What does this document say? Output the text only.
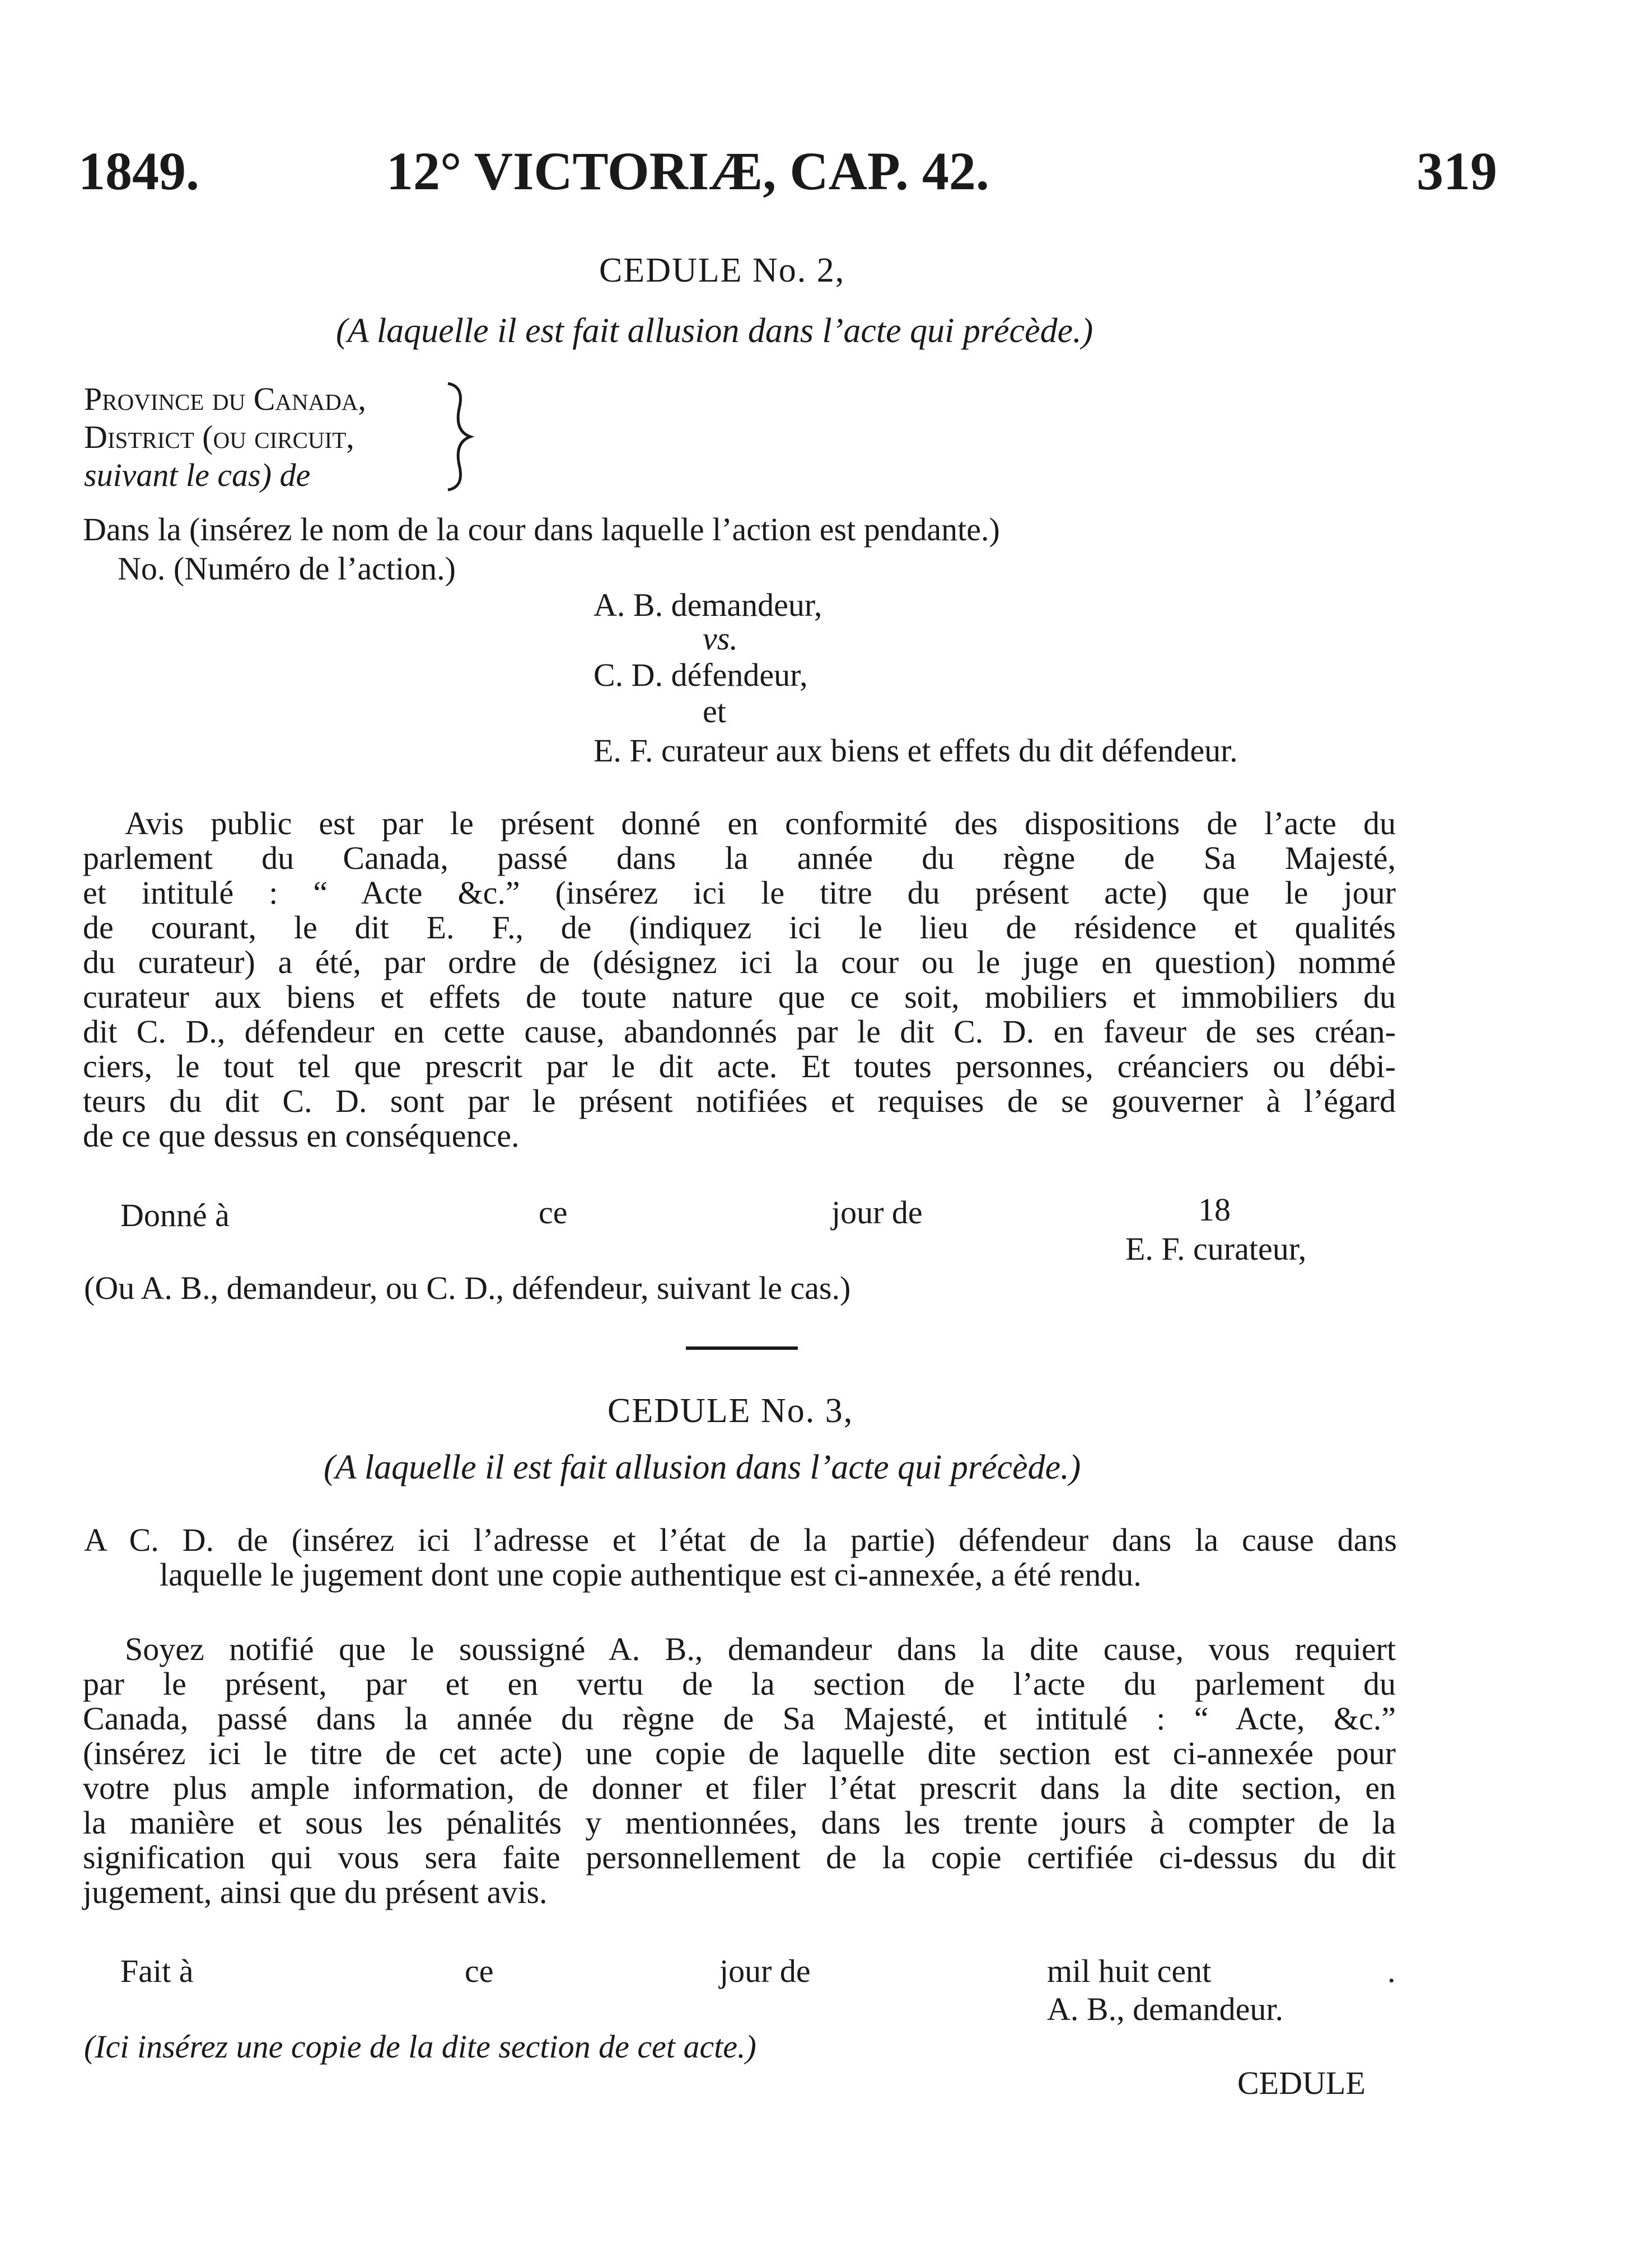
1849.	12° VICTORIÆ, CAP. 42.	319
CEDULE No. 2,
(A laquelle il est fait allusion dans l’acte qui précède.)
Province du Canada,
District (ou circuit,
suivant le cas) de
Dans la (insérez le nom de la cour dans laquelle l’action est pendante.)
No. (Numéro de l’action.)
A. B. demandeur,
vs.
C. D. défendeur,
et
E. F. curateur aux biens et effets du dit défendeur.
Avis public est par le présent donné en conformité des dispositions de l’acte du
parlement du Canada, passé dans la année du règne de Sa Majesté,
et intitulé : “ Acte &c.” (insérez ici le titre du présent acte) que le jour
de courant, le dit E. F., de (indiquez ici le lieu de résidence et qualités
du curateur) a été, par ordre de (désignez ici la cour ou le juge en question) nommé
curateur aux biens et effets de toute nature que ce soit, mobiliers et immobiliers du
dit C. D., défendeur en cette cause, abandonnés par le dit C. D. en faveur de ses créan-
ciers, le tout tel que prescrit par le dit acte. Et toutes personnes, créanciers ou débi-
teurs du dit C. D. sont par le présent notifiées et requises de se gouverner à l’égard
de ce que dessus en conséquence.
Donné à	ce	jour de	18
E. F. curateur,
(Ou A. B., demandeur, ou C. D., défendeur, suivant le cas.)
CEDULE No. 3,
(A laquelle il est fait allusion dans l’acte qui précède.)
A C. D. de (insérez ici l’adresse et l’état de la partie) défendeur dans la cause dans
laquelle le jugement dont une copie authentique est ci-annexée, a été rendu.
Soyez notifié que le soussigné A. B., demandeur dans la dite cause, vous requiert
par le présent, par et en vertu de la section de l’acte du parlement du
Canada, passé dans la année du règne de Sa Majesté, et intitulé : “ Acte, &c.”
(insérez ici le titre de cet acte) une copie de laquelle dite section est ci-annexée pour
votre plus ample information, de donner et filer l’état prescrit dans la dite section, en
la manière et sous les pénalités y mentionnées, dans les trente jours à compter de la
signification qui vous sera faite personnellement de la copie certifiée ci-dessus du dit
jugement, ainsi que du présent avis.
Fait à	ce	jour de	mil huit cent	.
A. B., demandeur.
(Ici insérez une copie de la dite section de cet acte.)
CEDULE
